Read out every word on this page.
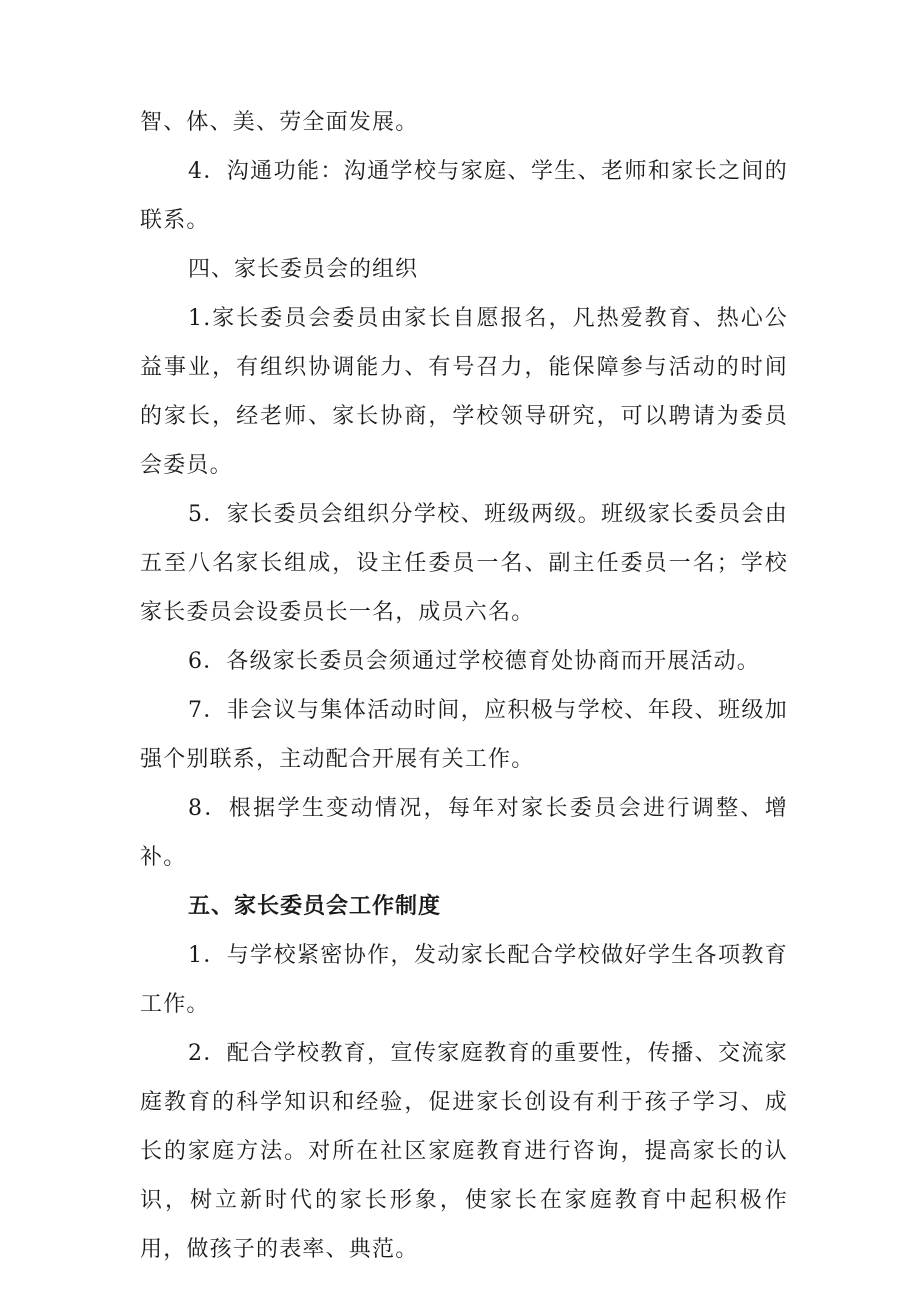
智、体、美、劳全面发展。

4．沟通功能：沟通学校与家庭、学生、老师和家长之间的联系。

四、家长委员会的组织

1.家长委员会委员由家长自愿报名，凡热爱教育、热心公益事业，有组织协调能力、有号召力，能保障参与活动的时间的家长，经老师、家长协商，学校领导研究，可以聘请为委员会委员。

5．家长委员会组织分学校、班级两级。班级家长委员会由五至八名家长组成，设主任委员一名、副主任委员一名；学校家长委员会设委员长一名，成员六名。

6．各级家长委员会须通过学校德育处协商而开展活动。

7．非会议与集体活动时间，应积极与学校、年段、班级加强个别联系，主动配合开展有关工作。

8．根据学生变动情况，每年对家长委员会进行调整、增补。

五、家长委员会工作制度

1．与学校紧密协作，发动家长配合学校做好学生各项教育工作。

2．配合学校教育，宣传家庭教育的重要性，传播、交流家庭教育的科学知识和经验，促进家长创设有利于孩子学习、成长的家庭方法。对所在社区家庭教育进行咨询，提高家长的认识，树立新时代的家长形象，使家长在家庭教育中起积极作用，做孩子的表率、典范。
